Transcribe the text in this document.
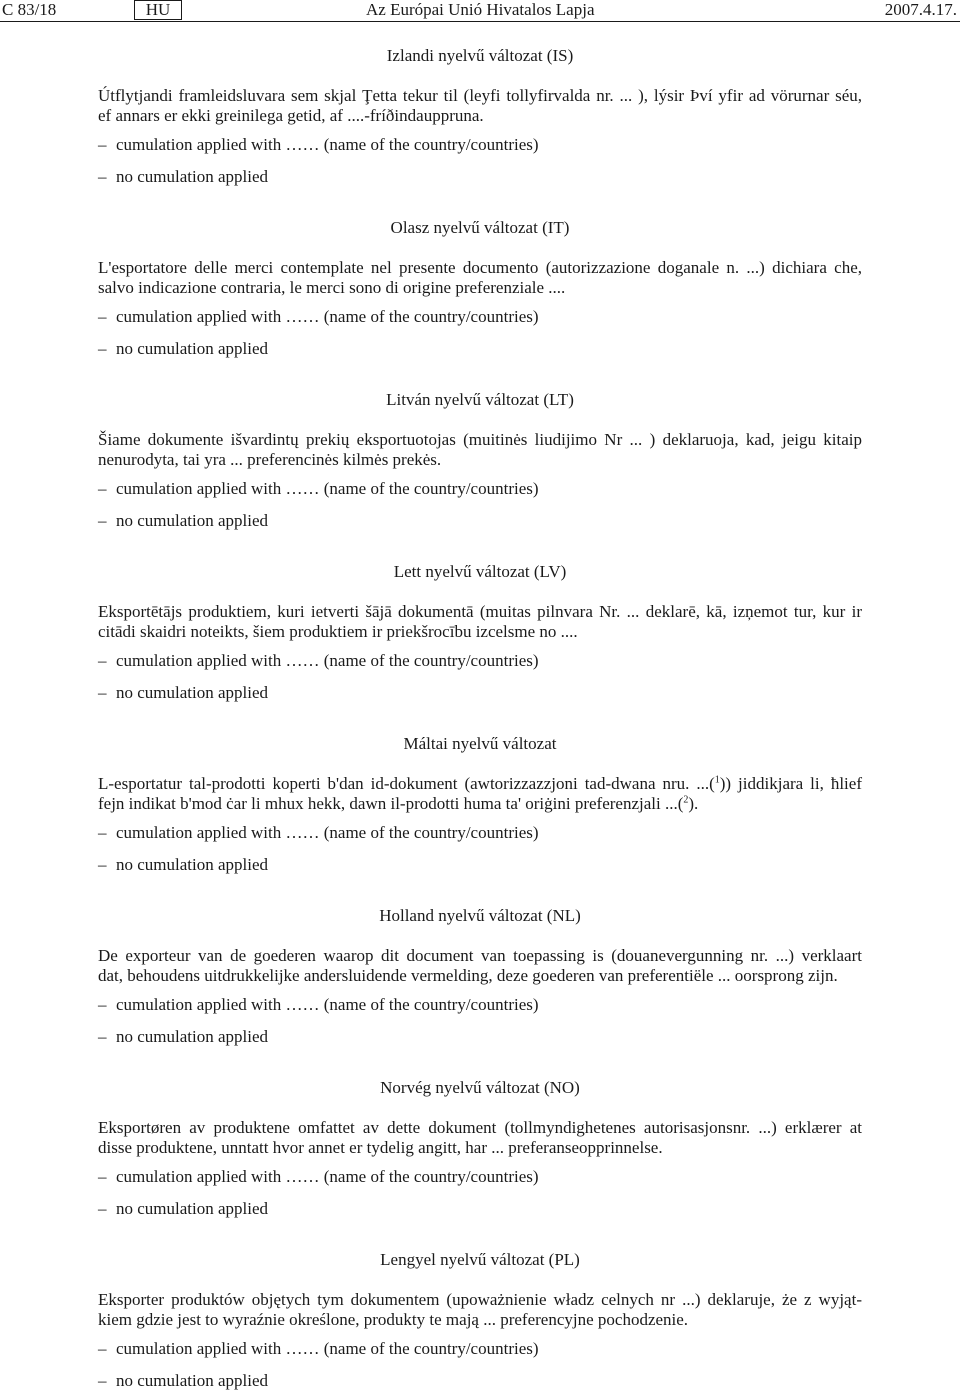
C 83/18	HU	Az Európai Unió Hivatalos Lapja	2007.4.17.
Izlandi nyelvű változat (IS)
Útflytjandi framleidsluvara sem skjal Ţetta tekur til (leyfi tollyfirvalda nr. ... ), lýsir Því yfir ad vörurnar séu,
ef annars er ekki greinilega getid, af ....-fríðindauppruna.
– cumulation applied with …… (name of the country/countries)
– no cumulation applied
Olasz nyelvű változat (IT)
L'esportatore delle merci contemplate nel presente documento (autorizzazione doganale n. ...) dichiara che,
salvo indicazione contraria, le merci sono di origine preferenziale ....
– cumulation applied with …… (name of the country/countries)
– no cumulation applied
Litván nyelvű változat (LT)
Šiame dokumente išvardintų prekių eksportuotojas (muitinės liudijimo Nr ... ) deklaruoja, kad, jeigu kitaip
nenurodyta, tai yra ... preferencinės kilmės prekės.
– cumulation applied with …… (name of the country/countries)
– no cumulation applied
Lett nyelvű változat (LV)
Eksportētājs produktiem, kuri ietverti šājā dokumentā (muitas pilnvara Nr. ... deklarē, kā, izņemot tur, kur ir
citādi skaidri noteikts, šiem produktiem ir priekšrocību izcelsme no ....
– cumulation applied with …… (name of the country/countries)
– no cumulation applied
Máltai nyelvű változat
L-esportatur tal-prodotti koperti b'dan id-dokument (awtorizzazzjoni tad-dwana nru. ...($^1$)) jiddikjara li, ħlief
fejn indikat b'mod ċar li mhux hekk, dawn il-prodotti huma ta' oriġini preferenzjali ...($^2$).
– cumulation applied with …… (name of the country/countries)
– no cumulation applied
Holland nyelvű változat (NL)
De exporteur van de goederen waarop dit document van toepassing is (douanevergunning nr. ...) verklaart
dat, behoudens uitdrukkelijke andersluidende vermelding, deze goederen van preferentiële ... oorsprong zijn.
– cumulation applied with …… (name of the country/countries)
– no cumulation applied
Norvég nyelvű változat (NO)
Eksportøren av produktene omfattet av dette dokument (tollmyndighetenes autorisasjonsnr. ...) erklærer at
disse produktene, unntatt hvor annet er tydelig angitt, har ... preferanseopprinnelse.
– cumulation applied with …… (name of the country/countries)
– no cumulation applied
Lengyel nyelvű változat (PL)
Eksporter produktów objętych tym dokumentem (upoważnienie władz celnych nr ...) deklaruje, że z wyjąt-
kiem gdzie jest to wyraźnie określone, produkty te mają ... preferencyjne pochodzenie.
– cumulation applied with …… (name of the country/countries)
– no cumulation applied
